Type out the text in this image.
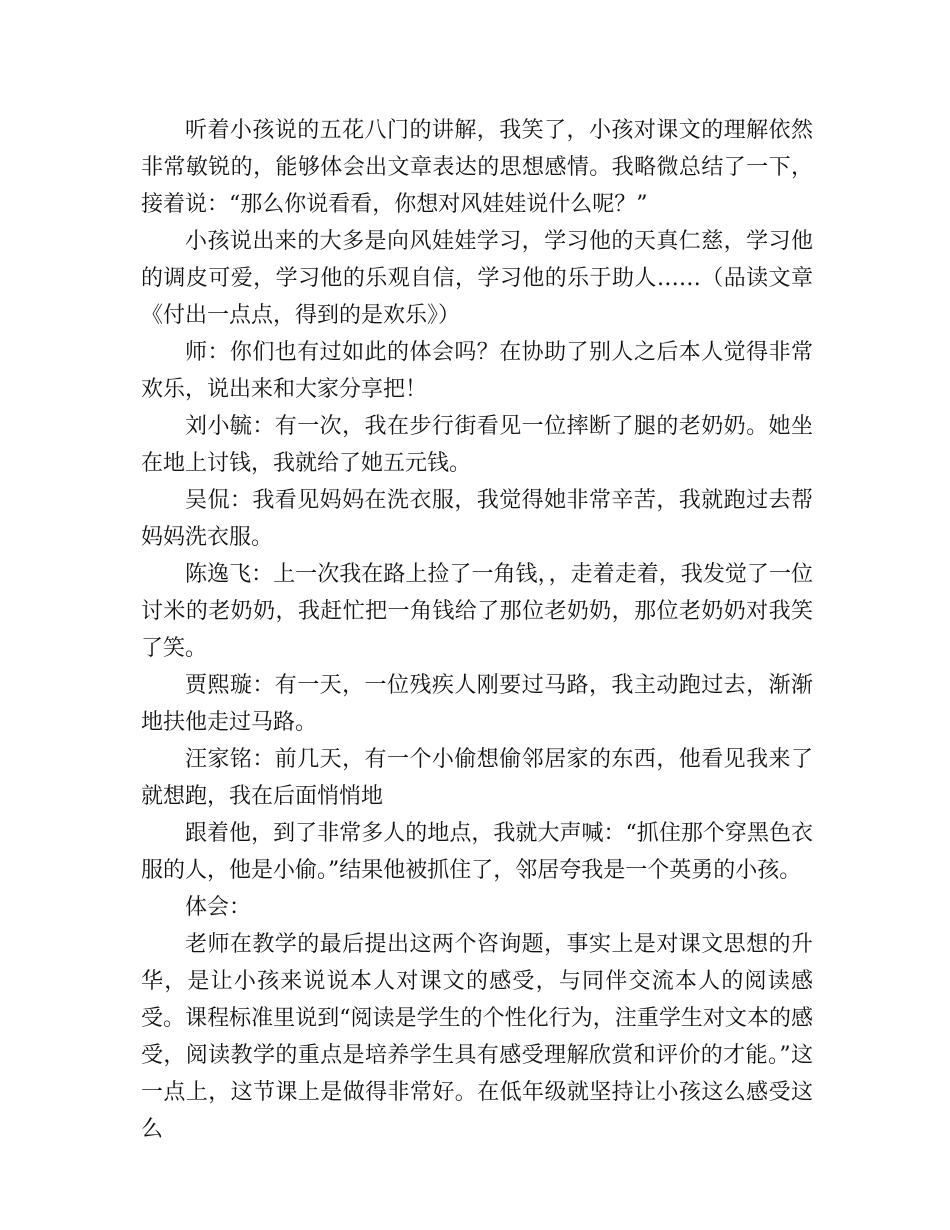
听着小孩说的五花八门的讲解，我笑了，小孩对课文的理解依然非常敏锐的，能够体会出文章表达的思想感情。我略微总结了一下，接着说：“那么你说看看，你想对风娃娃说什么呢？”

小孩说出来的大多是向风娃娃学习，学习他的天真仁慈，学习他的调皮可爱，学习他的乐观自信，学习他的乐于助人……（品读文章《付出一点点，得到的是欢乐》）

师：你们也有过如此的体会吗？在协助了别人之后本人觉得非常欢乐，说出来和大家分享把！

刘小毓：有一次，我在步行街看见一位摔断了腿的老奶奶。她坐在地上讨钱，我就给了她五元钱。

吴侃：我看见妈妈在洗衣服，我觉得她非常辛苦，我就跑过去帮妈妈洗衣服。

陈逸飞：上一次我在路上捡了一角钱，，走着走着，我发觉了一位讨米的老奶奶，我赶忙把一角钱给了那位老奶奶，那位老奶奶对我笑了笑。

贾熙璇：有一天，一位残疾人刚要过马路，我主动跑过去，渐渐地扶他走过马路。

汪家铭：前几天，有一个小偷想偷邻居家的东西，他看见我来了就想跑，我在后面悄悄地

跟着他，到了非常多人的地点，我就大声喊：“抓住那个穿黑色衣服的人，他是小偷。”结果他被抓住了，邻居夸我是一个英勇的小孩。

体会：

老师在教学的最后提出这两个咨询题，事实上是对课文思想的升华，是让小孩来说说本人对课文的感受，与同伴交流本人的阅读感受。课程标准里说到“阅读是学生的个性化行为，注重学生对文本的感受，阅读教学的重点是培养学生具有感受理解欣赏和评价的才能。”这一点上，这节课上是做得非常好。在低年级就坚持让小孩这么感受这么
